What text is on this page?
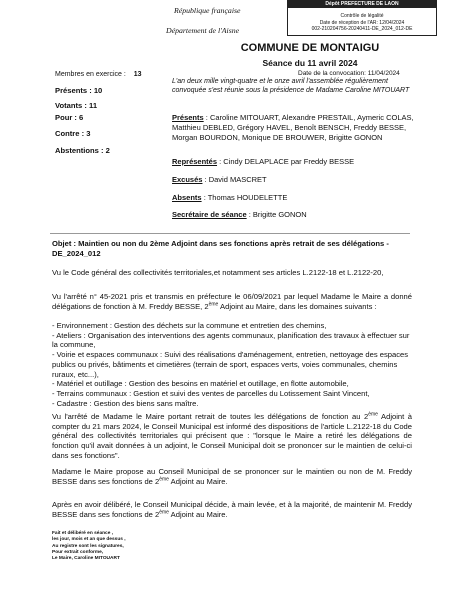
République française
Département de l'Aisne
Dépôt PREFECTURE DE LAON
Contrôle de légalité
Date de réception de l'AR: 12/04/2024
002-210204756-20240411-DE_2024_012-DE
COMMUNE DE MONTAIGU
Séance du 11 avril 2024
Membres en exercice : 13
Présents : 10
Votants : 11
Pour : 6
Contre : 3
Abstentions : 2
Date de la convocation: 11/04/2024
L'an deux mille vingt-quatre et le onze avril l'assemblée régulièrement convoquée s'est réunie sous la présidence de Madame Caroline MITOUART
Présents : Caroline MITOUART, Alexandre PRESTAIL, Aymeric COLAS, Matthieu DEBLED, Grégory HAVEL, Benoît BENSCH, Freddy BESSE, Morgan BOURDON, Monique DE BROUWER, Brigitte GONON
Représentés : Cindy DELAPLACE par Freddy BESSE
Excusés : David MASCRET
Absents : Thomas HOUDELETTE
Secrétaire de séance : Brigitte GONON
Objet : Maintien ou non du 2ème Adjoint dans ses fonctions après retrait de ses délégations - DE_2024_012
Vu le Code général des collectivités territoriales,et notamment ses articles L.2122-18 et L.2122-20,
Vu l'arrêté n° 45-2021 pris et transmis en préfecture le 06/09/2021 par lequel Madame le Maire a donné délégations de fonction à M. Freddy BESSE, 2ème Adjoint au Maire, dans les domaines suivants :
- Environnement : Gestion des déchets sur la commune et entretien des chemins,
- Ateliers : Organisation des interventions des agents communaux, planification des travaux à effectuer sur la commune,
- Voirie et espaces communaux : Suivi des réalisations d'aménagement, entretien, nettoyage des espaces publics ou privés, bâtiments et cimetières (terrain de sport, espaces verts, voies communales, chemins ruraux, etc...),
- Matériel et outillage : Gestion des besoins en matériel et outillage, en flotte automobile,
- Terrains communaux : Gestion et suivi des ventes de parcelles du Lotissement Saint Vincent,
- Cadastre : Gestion des biens sans maître.
Vu l'arrêté de Madame le Maire portant retrait de toutes les délégations de fonction au 2ème Adjoint à compter du 21 mars 2024, le Conseil Municipal est informé des dispositions de l'article L.2122-18 du Code général des collectivités territoriales qui précisent que : "lorsque le Maire a retiré les délégations de fonction qu'il avait données à un adjoint, le Conseil Municipal doit se prononcer sur le maintien de celui-ci dans ses fonctions".
Madame le Maire propose au Conseil Municipal de se prononcer sur le maintien ou non de M. Freddy BESSE dans ses fonctions de 2ème Adjoint au Maire.
Après en avoir délibéré, le Conseil Municipal décide, à main levée, et à la majorité, de maintenir M. Freddy BESSE dans ses fonctions de 2ème Adjoint au Maire.
Fait et délibéré en séance ,
les jour, mois et an que dessus ,
Au registre sont les signatures,
Pour extrait conforme,
Le Maire, Caroline MITOUART
